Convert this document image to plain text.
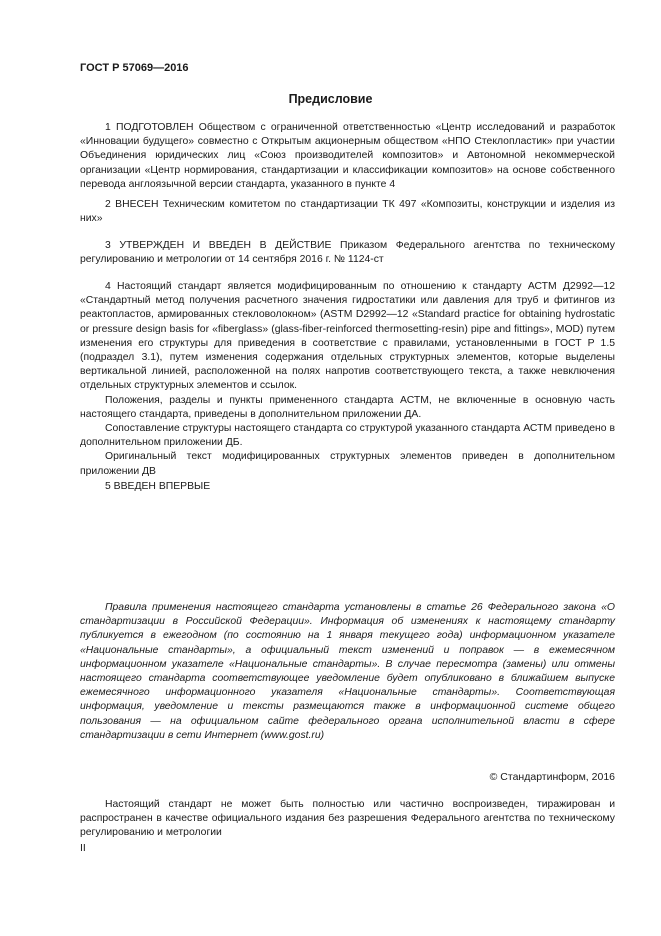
ГОСТ Р 57069—2016
Предисловие

1 ПОДГОТОВЛЕН Обществом с ограниченной ответственностью «Центр исследований и разработок «Инновации будущего» совместно с Открытым акционерным обществом «НПО Стеклопластик» при участии Объединения юридических лиц «Союз производителей композитов» и Автономной некоммерческой организации «Центр нормирования, стандартизации и классификации композитов» на основе собственного перевода англоязычной версии стандарта, указанного в пункте 4

2 ВНЕСЕН Техническим комитетом по стандартизации ТК 497 «Композиты, конструкции и изделия из них»

3 УТВЕРЖДЕН И ВВЕДЕН В ДЕЙСТВИЕ Приказом Федерального агентства по техническому регулированию и метрологии от 14 сентября 2016 г. № 1124-ст

4 Настоящий стандарт является модифицированным по отношению к стандарту АСТМ Д2992—12 «Стандартный метод получения расчетного значения гидростатики или давления для труб и фитингов из реактопластов, армированных стекловолокном» (ASTM D2992—12 «Standard practice for obtaining hydrostatic or pressure design basis for «fiberglass» (glass-fiber-reinforced thermosetting-resin) pipe and fittings», MOD) путем изменения его структуры для приведения в соответствие с правилами, установленными в ГОСТ Р 1.5 (подраздел 3.1), путем изменения содержания отдельных структурных элементов, которые выделены вертикальной линией, расположенной на полях напротив соответствующего текста, а также невключения отдельных структурных элементов и ссылок.

Положения, разделы и пункты примененного стандарта АСТМ, не включенные в основную часть настоящего стандарта, приведены в дополнительном приложении ДА.

Сопоставление структуры настоящего стандарта со структурой указанного стандарта АСТМ приведено в дополнительном приложении ДБ.

Оригинальный текст модифицированных структурных элементов приведен в дополнительном приложении ДВ

5 ВВЕДЕН ВПЕРВЫЕ

Правила применения настоящего стандарта установлены в статье 26 Федерального закона «О стандартизации в Российской Федерации». Информация об изменениях к настоящему стандарту публикуется в ежегодном (по состоянию на 1 января текущего года) информационном указателе «Национальные стандарты», а официальный текст изменений и поправок — в ежемесячном информационном указателе «Национальные стандарты». В случае пересмотра (замены) или отмены настоящего стандарта соответствующее уведомление будет опубликовано в ближайшем выпуске ежемесячного информационного указателя «Национальные стандарты». Соответствующая информация, уведомление и тексты размещаются также в информационной системе общего пользования — на официальном сайте федерального органа исполнительной власти в сфере стандартизации в сети Интернет (www.gost.ru)

© Стандартинформ, 2016

Настоящий стандарт не может быть полностью или частично воспроизведен, тиражирован и распространен в качестве официального издания без разрешения Федерального агентства по техническому регулированию и метрологии

II
